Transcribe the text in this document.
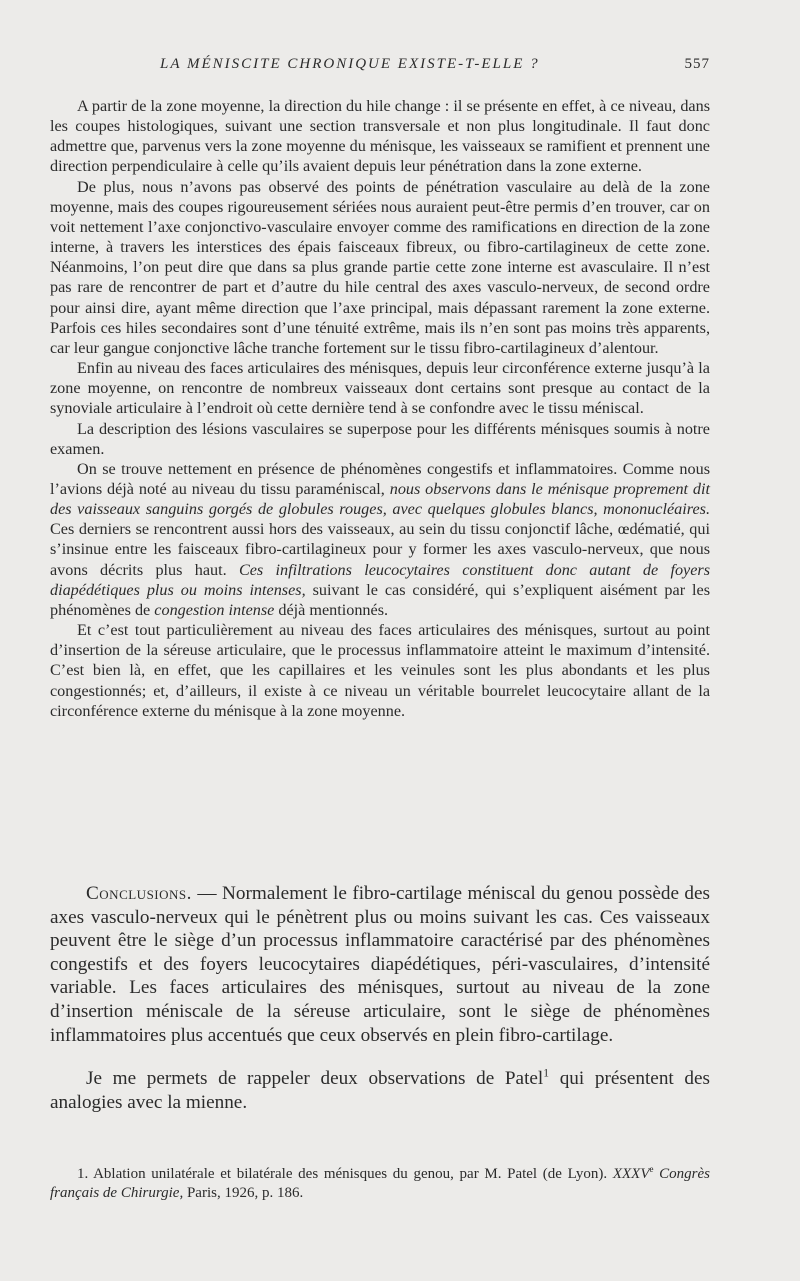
LA MÉNISCITE CHRONIQUE EXISTE-T-ELLE ?	557

A partir de la zone moyenne, la direction du hile change : il se présente en effet, à ce niveau, dans les coupes histologiques, suivant une section transversale et non plus longitudinale. Il faut donc admettre que, parvenus vers la zone moyenne du ménisque, les vaisseaux se ramifient et prennent une direction perpendiculaire à celle qu’ils avaient depuis leur pénétration dans la zone externe.

De plus, nous n’avons pas observé des points de pénétration vasculaire au delà de la zone moyenne, mais des coupes rigoureusement sériées nous auraient peut-être permis d’en trouver, car on voit nettement l’axe conjonctivo-vasculaire envoyer comme des ramifications en direction de la zone interne, à travers les interstices des épais faisceaux fibreux, ou fibro-cartilagineux de cette zone. Néanmoins, l’on peut dire que dans sa plus grande partie cette zone interne est avasculaire. Il n’est pas rare de rencontrer de part et d’autre du hile central des axes vasculo-nerveux, de second ordre pour ainsi dire, ayant même direction que l’axe principal, mais dépassant rarement la zone externe. Parfois ces hiles secondaires sont d’une ténuité extrême, mais ils n’en sont pas moins très apparents, car leur gangue conjonctive lâche tranche fortement sur le tissu fibro-cartilagineux d’alentour.

Enfin au niveau des faces articulaires des ménisques, depuis leur circonférence externe jusqu’à la zone moyenne, on rencontre de nombreux vaisseaux dont certains sont presque au contact de la synoviale articulaire à l’endroit où cette dernière tend à se confondre avec le tissu méniscal.

La description des lésions vasculaires se superpose pour les différents ménisques soumis à notre examen.

On se trouve nettement en présence de phénomènes congestifs et inflammatoires. Comme nous l’avions déjà noté au niveau du tissu paraméniscal, nous observons dans le ménisque proprement dit des vaisseaux sanguins gorgés de globules rouges, avec quelques globules blancs, mononucléaires. Ces derniers se rencontrent aussi hors des vaisseaux, au sein du tissu conjonctif lâche, œdématié, qui s’insinue entre les faisceaux fibro-cartilagineux pour y former les axes vasculo-nerveux, que nous avons décrits plus haut. Ces infiltrations leucocytaires constituent donc autant de foyers diapédétiques plus ou moins intenses, suivant le cas considéré, qui s’expliquent aisément par les phénomènes de congestion intense déjà mentionnés.

Et c’est tout particulièrement au niveau des faces articulaires des ménisques, surtout au point d’insertion de la séreuse articulaire, que le processus inflammatoire atteint le maximum d’intensité. C’est bien là, en effet, que les capillaires et les veinules sont les plus abondants et les plus congestionnés; et, d’ailleurs, il existe à ce niveau un véritable bourrelet leucocytaire allant de la circonférence externe du ménisque à la zone moyenne.

Conclusions. — Normalement le fibro-cartilage méniscal du genou possède des axes vasculo-nerveux qui le pénètrent plus ou moins suivant les cas. Ces vaisseaux peuvent être le siège d’un processus inflammatoire caractérisé par des phénomènes congestifs et des foyers leucocytaires diapédétiques, péri-vasculaires, d’intensité variable. Les faces articulaires des ménisques, surtout au niveau de la zone d’insertion méniscale de la séreuse articulaire, sont le siège de phénomènes inflammatoires plus accentués que ceux observés en plein fibro-cartilage.

Je me permets de rappeler deux observations de Patel$^1$ qui présentent des analogies avec la mienne.

1. Ablation unilatérale et bilatérale des ménisques du genou, par M. Patel (de Lyon). XXXVe Congrès français de Chirurgie, Paris, 1926, p. 186.
